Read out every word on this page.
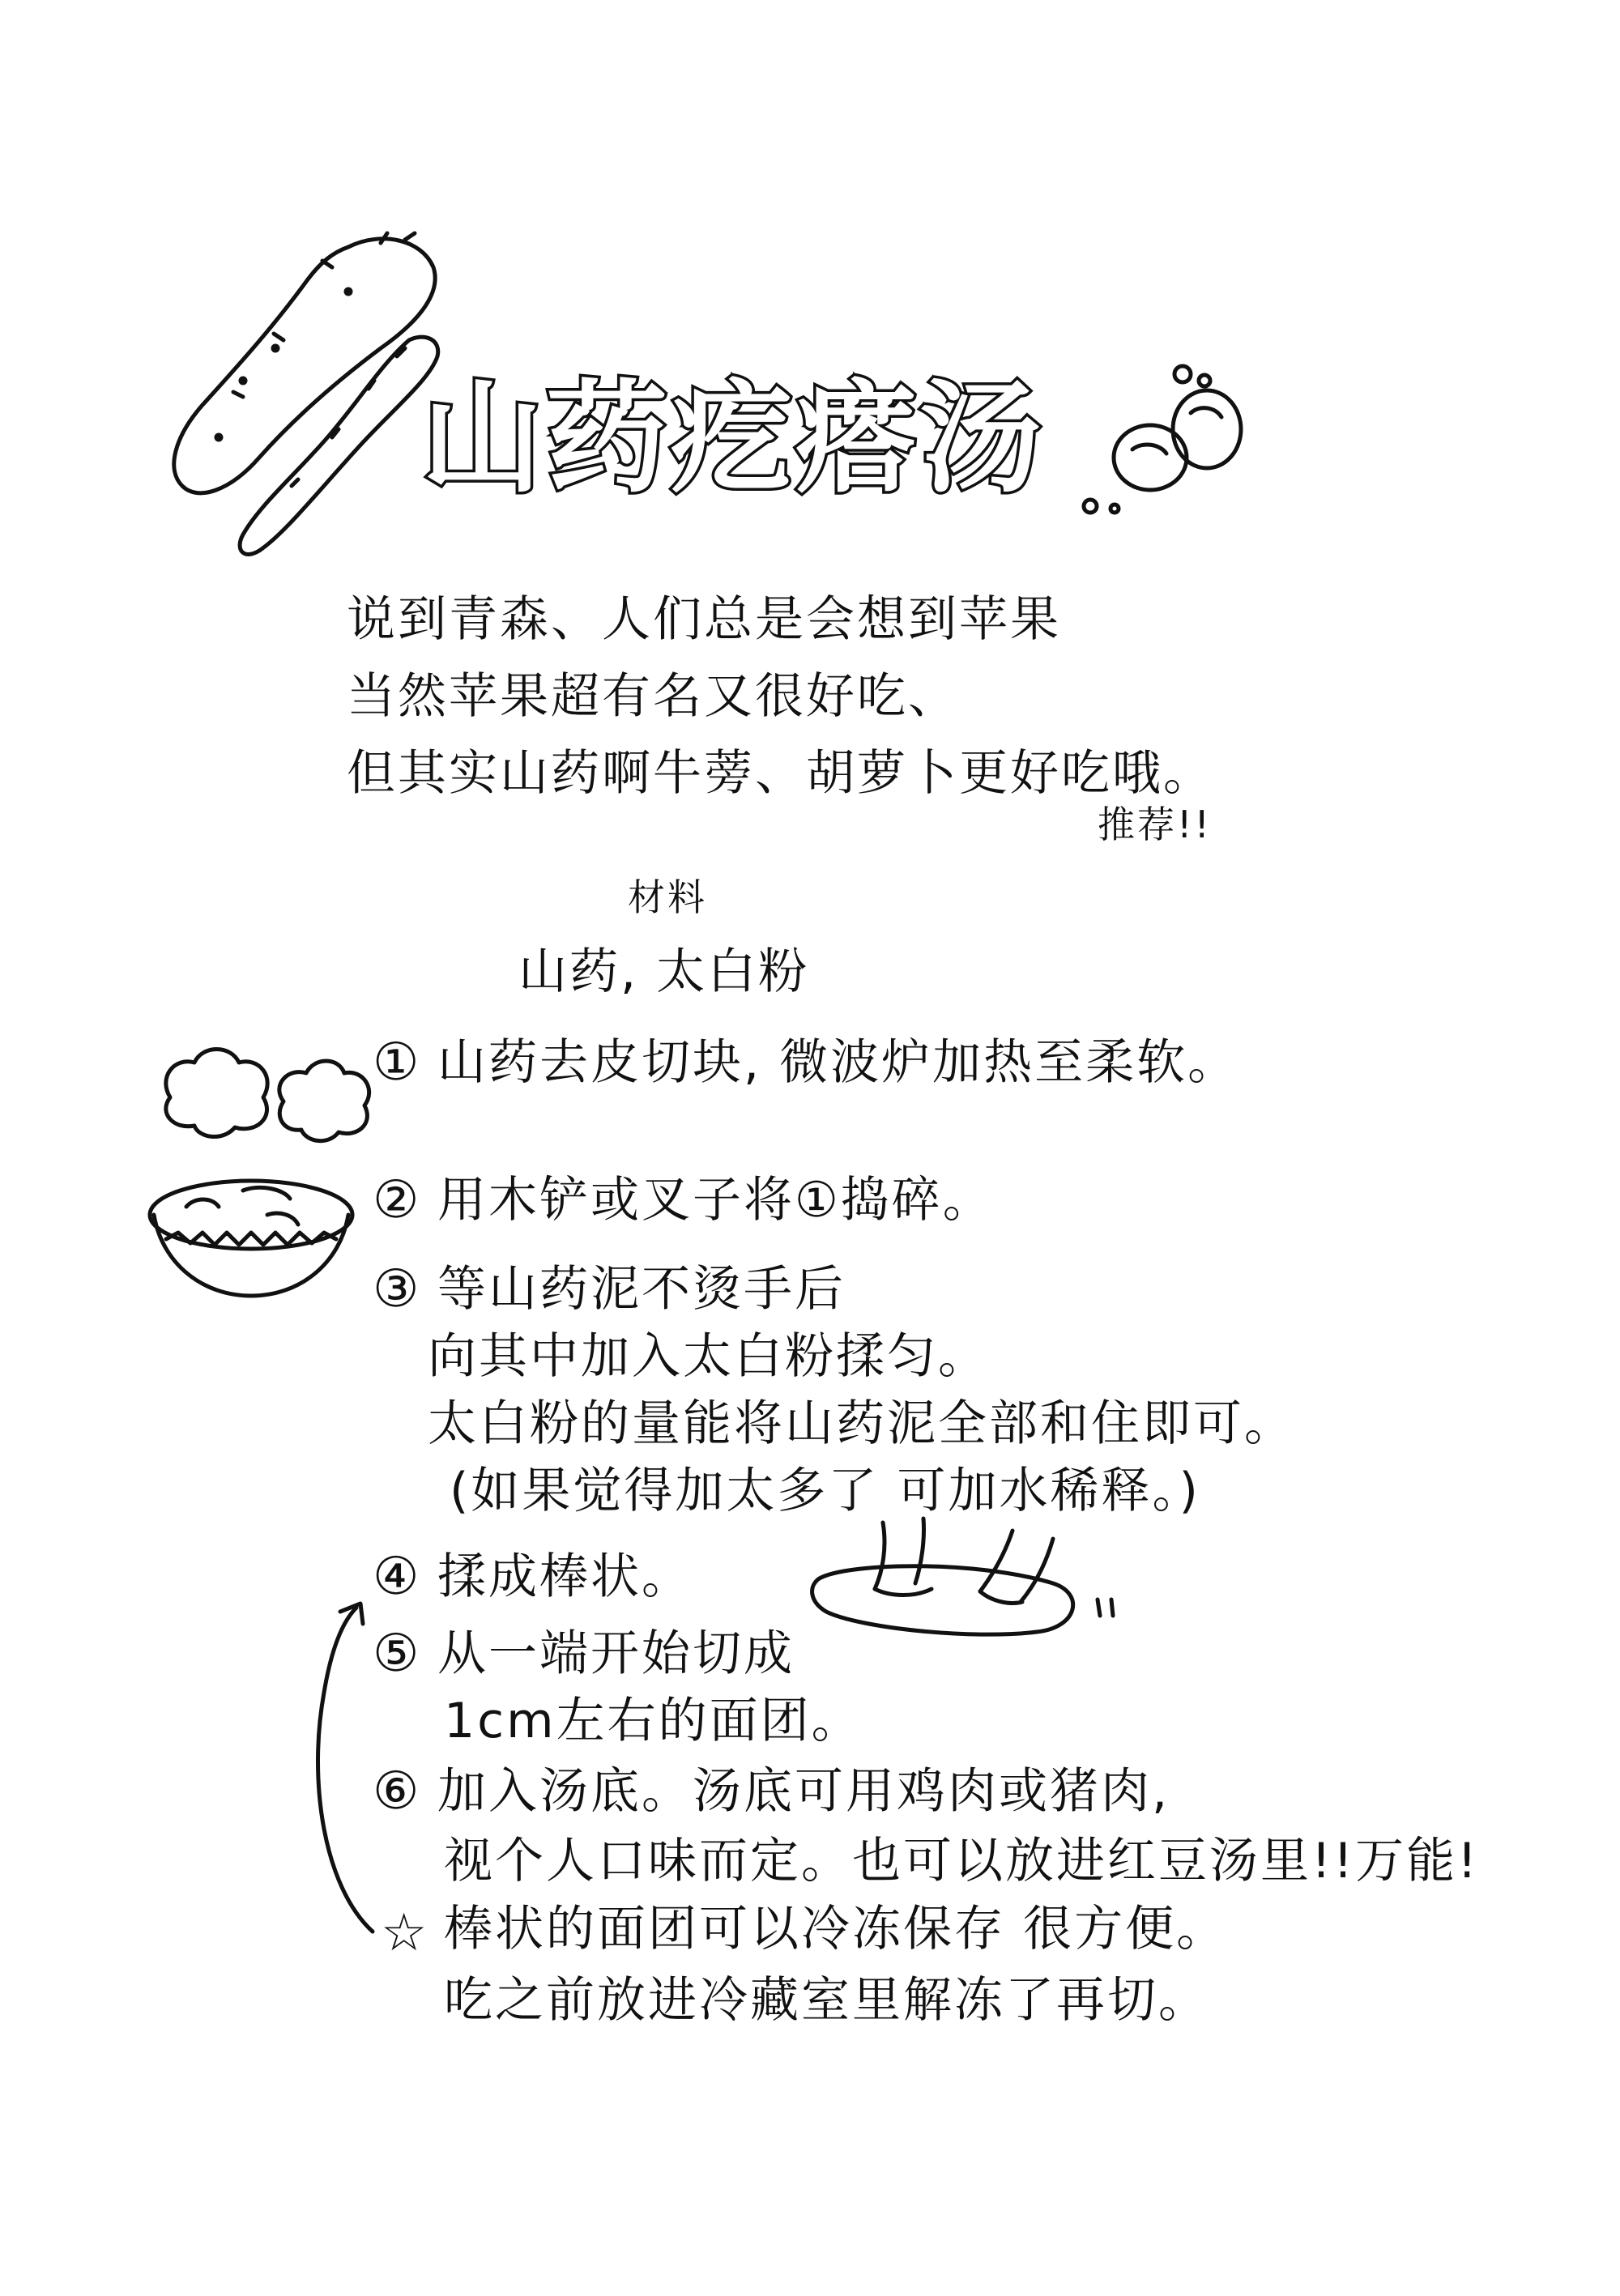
山药疙瘩汤
说到青森、人们总是会想到苹果
当然苹果超有名又很好吃、
但其实山药啊牛蒡、胡萝卜更好吃哦。
推荐!!
材料
山药, 太白粉
① 山药去皮切块, 微波炉加热至柔软。
② 用木铲或叉子将①捣碎。
③ 等山药泥不烫手后
向其中加入太白粉揉匀。
太白粉的量能将山药泥全部和住即可。
(如果觉得加太多了 可加水稀释。)
④ 揉成棒状。
⑤ 从一端开始切成
1cm左右的面团。
⑥ 加入汤底。汤底可用鸡肉或猪肉,
视个人口味而定。也可以放进红豆汤里!!万能!
☆ 棒状的面团可以冷冻保存 很方便。
吃之前放进冷藏室里解冻了再切。
